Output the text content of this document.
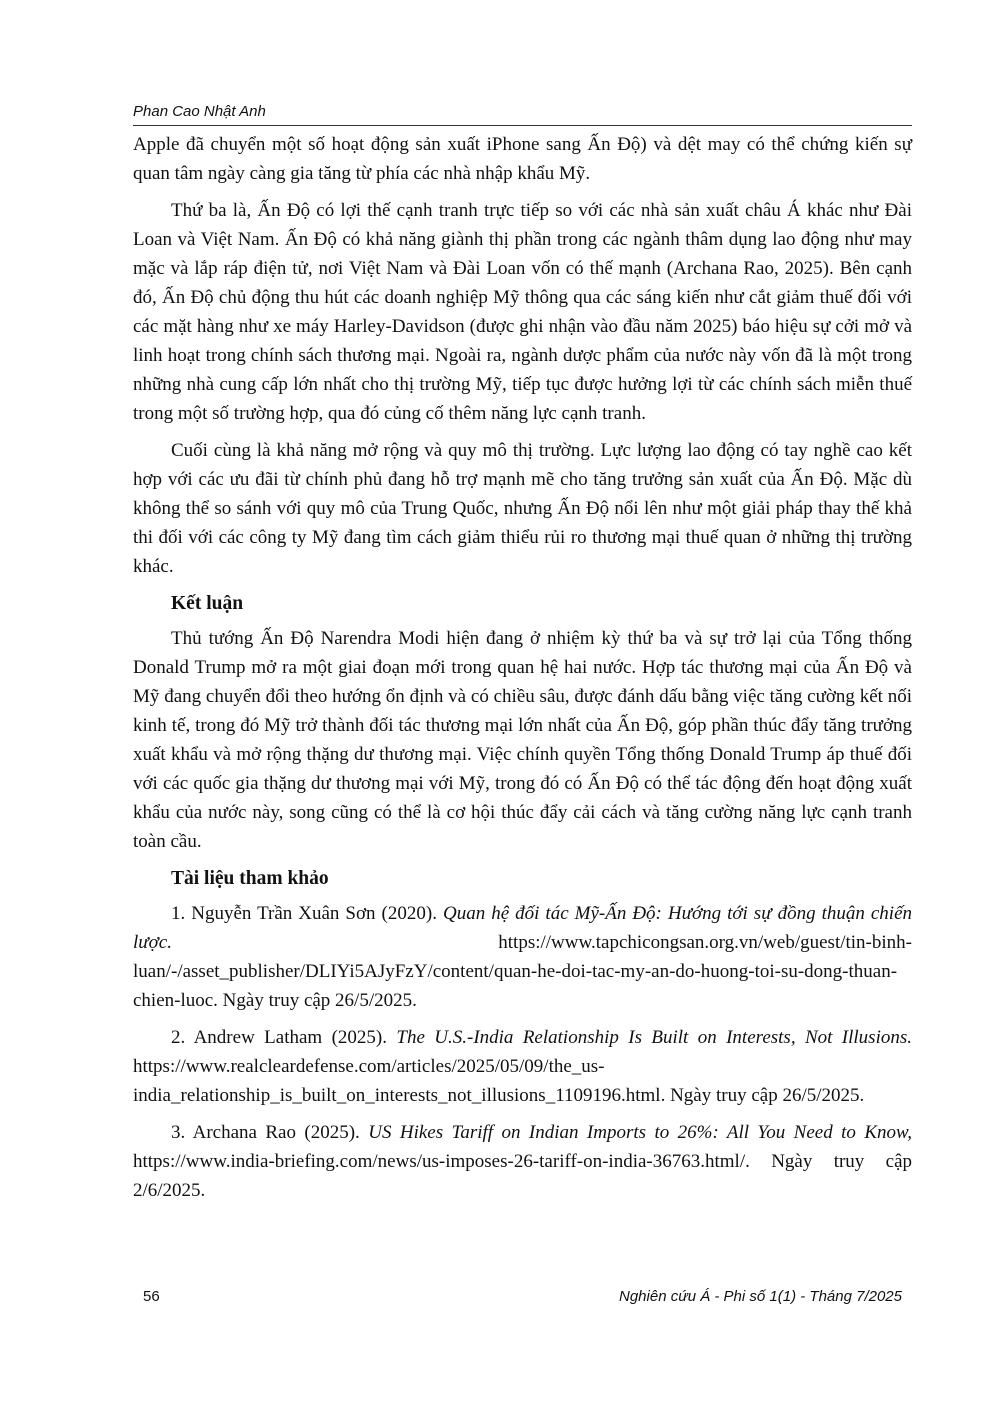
Phan Cao Nhật Anh

Apple đã chuyển một số hoạt động sản xuất iPhone sang Ấn Độ) và dệt may có thể chứng kiến sự quan tâm ngày càng gia tăng từ phía các nhà nhập khẩu Mỹ.

Thứ ba là, Ấn Độ có lợi thế cạnh tranh trực tiếp so với các nhà sản xuất châu Á khác như Đài Loan và Việt Nam. Ấn Độ có khả năng giành thị phần trong các ngành thâm dụng lao động như may mặc và lắp ráp điện tử, nơi Việt Nam và Đài Loan vốn có thế mạnh (Archana Rao, 2025). Bên cạnh đó, Ấn Độ chủ động thu hút các doanh nghiệp Mỹ thông qua các sáng kiến như cắt giảm thuế đối với các mặt hàng như xe máy Harley-Davidson (được ghi nhận vào đầu năm 2025) báo hiệu sự cởi mở và linh hoạt trong chính sách thương mại. Ngoài ra, ngành dược phẩm của nước này vốn đã là một trong những nhà cung cấp lớn nhất cho thị trường Mỹ, tiếp tục được hưởng lợi từ các chính sách miễn thuế trong một số trường hợp, qua đó củng cố thêm năng lực cạnh tranh.

Cuối cùng là khả năng mở rộng và quy mô thị trường. Lực lượng lao động có tay nghề cao kết hợp với các ưu đãi từ chính phủ đang hỗ trợ mạnh mẽ cho tăng trưởng sản xuất của Ấn Độ. Mặc dù không thể so sánh với quy mô của Trung Quốc, nhưng Ấn Độ nổi lên như một giải pháp thay thế khả thi đối với các công ty Mỹ đang tìm cách giảm thiểu rủi ro thương mại thuế quan ở những thị trường khác.

Kết luận

Thủ tướng Ấn Độ Narendra Modi hiện đang ở nhiệm kỳ thứ ba và sự trở lại của Tổng thống Donald Trump mở ra một giai đoạn mới trong quan hệ hai nước. Hợp tác thương mại của Ấn Độ và Mỹ đang chuyển đổi theo hướng ổn định và có chiều sâu, được đánh dấu bằng việc tăng cường kết nối kinh tế, trong đó Mỹ trở thành đối tác thương mại lớn nhất của Ấn Độ, góp phần thúc đẩy tăng trưởng xuất khẩu và mở rộng thặng dư thương mại. Việc chính quyền Tổng thống Donald Trump áp thuế đối với các quốc gia thặng dư thương mại với Mỹ, trong đó có Ấn Độ có thể tác động đến hoạt động xuất khẩu của nước này, song cũng có thể là cơ hội thúc đẩy cải cách và tăng cường năng lực cạnh tranh toàn cầu.

Tài liệu tham khảo

1. Nguyễn Trần Xuân Sơn (2020). Quan hệ đối tác Mỹ-Ấn Độ: Hướng tới sự đồng thuận chiến lược. https://www.tapchicongsan.org.vn/web/guest/tin-binh-luan/-/asset_publisher/DLIYi5AJyFzY/content/quan-he-doi-tac-my-an-do-huong-toi-su-dong-thuan-chien-luoc. Ngày truy cập 26/5/2025.

2. Andrew Latham (2025). The U.S.-India Relationship Is Built on Interests, Not Illusions. https://www.realcleardefense.com/articles/2025/05/09/the_us-india_relationship_is_built_on_interests_not_illusions_1109196.html. Ngày truy cập 26/5/2025.

3. Archana Rao (2025). US Hikes Tariff on Indian Imports to 26%: All You Need to Know, https://www.india-briefing.com/news/us-imposes-26-tariff-on-india-36763.html/. Ngày truy cập 2/6/2025.

56	Nghiên cứu Á - Phi số 1(1) - Tháng 7/2025
